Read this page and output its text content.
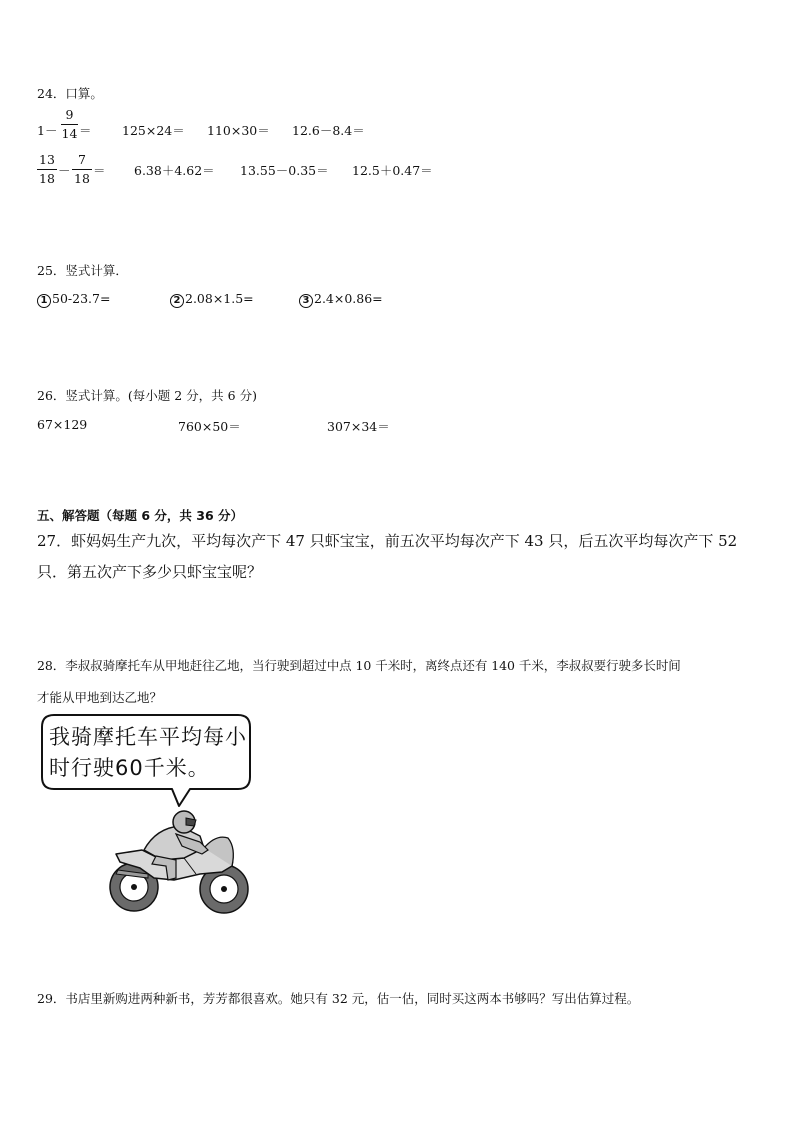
24．口算。
1－
9
14 ＝ 125×24＝ 110×30＝ 12.6－8.4＝
13
18
－
7
18
＝ 6.38＋4.62＝ 13.55－0.35＝ 12.5＋0.47＝
25．竖式计算．
1 50-23.7=	2 2.08×1.5=	3 2.4×0.86=
26．竖式计算。(每小题 2 分，共 6 分)
67×129	760×50＝	307×34＝
五、解答题（每题 6 分，共 36 分）
27．虾妈妈生产九次，平均每次产下 47 只虾宝宝，前五次平均每次产下 43 只，后五次平均每次产下 52
只．第五次产下多少只虾宝宝呢？
28．李叔叔骑摩托车从甲地赶往乙地，当行驶到超过中点 10 千米时，离终点还有 140 千米，李叔叔要行驶多长时间
才能从甲地到达乙地？
我骑摩托车平均每小时行驶60千米。
29．书店里新购进两种新书，芳芳都很喜欢。她只有 32 元，估一估，同时买这两本书够吗？写出估算过程。
